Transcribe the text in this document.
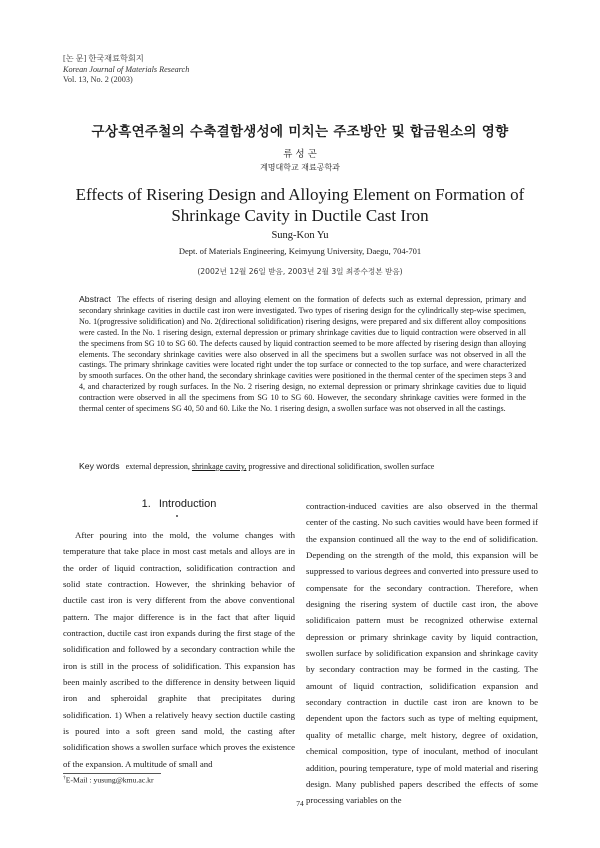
[논 문] 한국재료학회지
Korean Journal of Materials Research
Vol. 13, No. 2 (2003)
구상흑연주철의 수축결함생성에 미치는 주조방안 및 합금원소의 영향
류 성 곤
계명대학교 재료공학과
Effects of Risering Design and Alloying Element on Formation of
Shrinkage Cavity in Ductile Cast Iron
Sung-Kon Yu
Dept. of Materials Engineering, Keimyung University, Daegu, 704-701
(2002년 12월 26일 받음, 2003년 2월 3일 최종수정본 받음)
Abstract The effects of risering design and alloying element on the formation of defects such as external depression, primary and secondary shrinkage cavities in ductile cast iron were investigated. Two types of risering design for the cylindrically step-wise specimen, No. 1(progressive solidification) and No. 2(directional solidification) risering designs, were prepared and six different alloy compositions were casted. In the No. 1 risering design, external depression or primary shrinkage cavities due to liquid contraction were observed in all the specimens from SG 10 to SG 60. The defects caused by liquid contraction seemed to be more affected by risering design than alloying elements. The secondary shrinkage cavities were also observed in all the specimens but a swollen surface was not observed in all the castings. The primary shrinkage cavities were located right under the top surface or connected to the top surface, and were characterized by smooth surfaces. On the other hand, the secondary shrinkage cavities were positioned in the thermal center of the specimen steps 3 and 4, and characterized by rough surfaces. In the No. 2 risering design, no external depression or primary shrinkage cavities due to liquid contraction were observed in all the specimens from SG 10 to SG 60. However, the secondary shrinkage cavities were formed in the thermal center of specimens SG 40, 50 and 60. Like the No. 1 risering design, a swollen surface was not observed in all the castings.
Key words external depression, shrinkage cavity, progressive and directional solidification, swollen surface
1. Introduction

After pouring into the mold, the volume changes with temperature that take place in most cast metals and alloys are in the order of liquid contraction, solidification contraction and solid state contraction. However, the shrinking behavior of ductile cast iron is very different from the above conventional pattern. The major difference is in the fact that after liquid contraction, ductile cast iron expands during the first stage of the solidification and followed by a secondary contraction while the iron is still in the process of solidification. This expansion has been mainly ascribed to the difference in density between liquid iron and spheroidal graphite that precipitates during solidification. 1) When a relatively heavy section ductile casting is poured into a soft green sand mold, the casting after solidification shows a swollen surface which proves the existence of the expansion. A multitude of small and

contraction-induced cavities are also observed in the thermal center of the casting. No such cavities would have been formed if the expansion continued all the way to the end of solidification. Depending on the strength of the mold, this expansion will be suppressed to various degrees and converted into pressure used to compensate for the secondary contraction. Therefore, when designing the risering system of ductile cast iron, the above solidificaion pattern must be recognized otherwise external depression or primary shrinkage cavity by liquid contraction, swollen surface by solidification expansion and shrinkage cavity by secondary contraction may be formed in the casting. The amount of liquid contraction, solidification expansion and secondary contraction in ductile cast iron are known to be dependent upon the factors such as type of melting equipment, quality of metallic charge, melt history, degree of oxidation, chemical composition, type of inoculant, method of inoculant addition, pouring temperature, type of mold material and risering design. Many published papers described the effects of some processing variables on the

†E-Mail : yusung@kmu.ac.kr
74
